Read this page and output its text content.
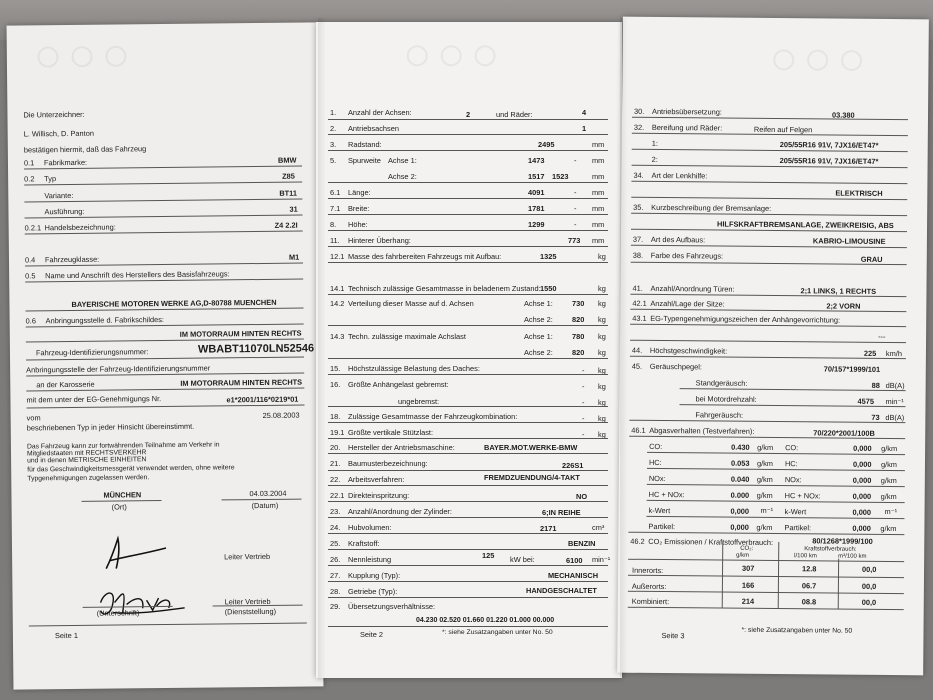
◯ ◯ ◯
Die Unterzeichner:
L. Willisch, D. Panton
bestätigen hiermit, daß das Fahrzeug
0.1 Fabrikmarke:	BMW
0.2 Typ	Z85
Variante:	BT11
Ausführung:	31
0.2.1 Handelsbezeichnung:	Z4 2.2I
0.4 Fahrzeugklasse:	M1
0.5 Name und Anschrift des Herstellers des Basisfahrzeugs:
BAYERISCHE MOTOREN WERKE AG,D-80788 MUENCHEN
0.6 Anbringungsstelle d. Fabrikschildes:
IM MOTORRAUM HINTEN RECHTS
Fahrzeug-Identifizierungsnummer:	WBABT11070LN52546
Anbringungsstelle der Fahrzeug-Identifizierungsnummer
an der Karosserie	IM MOTORRAUM HINTEN RECHTS
mit dem unter der EG-Genehmigungs Nr.	e1*2001/116*0219*01
vom	25.08.2003
beschriebenen Typ in jeder Hinsicht übereinstimmt.
Das Fahrzeug kann zur fortwährenden Teilnahme am Verkehr in
Mitgliedstaaten mit RECHTSVERKEHR
und in denen METRISCHE EINHEITEN
für das Geschwindigkeitsmessgerät verwendet werden, ohne weitere
Typgenehmigungen zugelassen werden.
MÜNCHEN	04.03.2004
(Ort)	(Datum)
Leiter Vertrieb
Leiter Vertrieb
(Unterschrift)	(Dienststellung)
Seite 1
◯ ◯ ◯
1. Anzahl der Achsen:	2	und Räder:	4
2. Antriebsachsen	1
3. Radstand:	2495	mm
5. Spurweite Achse 1:	1473	- mm
Achse 2:	1517 1523	mm
6.1 Länge:	4091	- mm
7.1 Breite:	1781	- mm
8. Höhe:	1299	- mm
11. Hinterer Überhang:	773 mm
12.1 Masse des fahrbereiten Fahrzeugs mit Aufbau:	1325	kg
14.1 Technisch zulässige Gesamtmasse in beladenem Zustand: 1550	kg
14.2 Verteilung dieser Masse auf d. Achsen	Achse 1:	730 kg
Achse 2:	820 kg
14.3 Techn. zulässige maximale Achslast	Achse 1:	780 kg
Achse 2:	820 kg
15. Höchstzulässige Belastung des Daches:	- kg
16. Größte Anhängelast gebremst:	- kg
ungebremst:	- kg
18. Zulässige Gesamtmasse der Fahrzeugkombination:	- kg
19.1 Größte vertikale Stützlast:	- kg
20. Hersteller der Antriebsmaschine:	BAYER.MOT.WERKE-BMW
21. Baumusterbezeichnung:	226S1
22. Arbeitsverfahren:	FREMDZUENDUNG/4-TAKT
22.1 Direkteinspritzung:	NO
23. Anzahl/Anordnung der Zylinder:	6;IN REIHE
24. Hubvolumen:	2171	cm³
25. Kraftstoff:	BENZIN
26. Nennleistung	125 kW bei:	6100 min⁻¹
27. Kupplung (Typ):	MECHANISCH
28. Getriebe (Typ):	HANDGESCHALTET
29. Übersetzungsverhältnisse:
04.230 02.520 01.660 01.220 01.000 00.000
Seite 2	*: siehe Zusatzangaben unter No. 50
◯ ◯ ◯
30. Antriebsübersetzung:	03.380
32. Bereifung und Räder:	Reifen auf Felgen
1:	205/55R16 91V, 7JX16/ET47*
2:	205/55R16 91V, 7JX16/ET47*
34. Art der Lenkhilfe:
ELEKTRISCH
35. Kurzbeschreibung der Bremsanlage:
HILFSKRAFTBREMSANLAGE, ZWEIKREISIG, ABS
37. Art des Aufbaus:	KABRIO-LIMOUSINE
38. Farbe des Fahrzeugs:	GRAU
41. Anzahl/Anordnung Türen:	2;1 LINKS, 1 RECHTS
42.1 Anzahl/Lage der Sitze:	2;2 VORN
43.1 EG-Typengenehmigungszeichen der Anhängevorrichtung:
---
44. Höchstgeschwindigkeit:	225 km/h
45. Geräuschpegel:	70/157*1999/101
Standgeräusch:	88 dB(A)
bei Motordrehzahl:	4575 min⁻¹
Fahrgeräusch:	73 dB(A)
46.1 Abgasverhalten (Testverfahren):	70/220*2001/100B
CO:	0.430 g/km CO:	0,000 g/km
HC:	0.053 g/km HC:	0,000 g/km
NOx:	0.040 g/km NOx:	0,000 g/km
HC + NOx:	0.000 g/km HC + NOx:	0,000 g/km
k-Wert	0,000 m⁻¹ k-Wert	0,000 m⁻¹
Partikel:	0,000 g/km Partikel:	0,000 g/km
46.2 CO₂ Emissionen / Kraftstoffverbrauch:	80/1268*1999/100
CO₂:
g/km
Kraftstoffverbrauch:
l/100 km	m³/100 km
Innerorts:	307	12.8	00,0
Außerorts:	166	06.7	00,0
Kombiniert:	214	08.8	00,0
Seite 3
*: siehe Zusatzangaben unter No. 50
